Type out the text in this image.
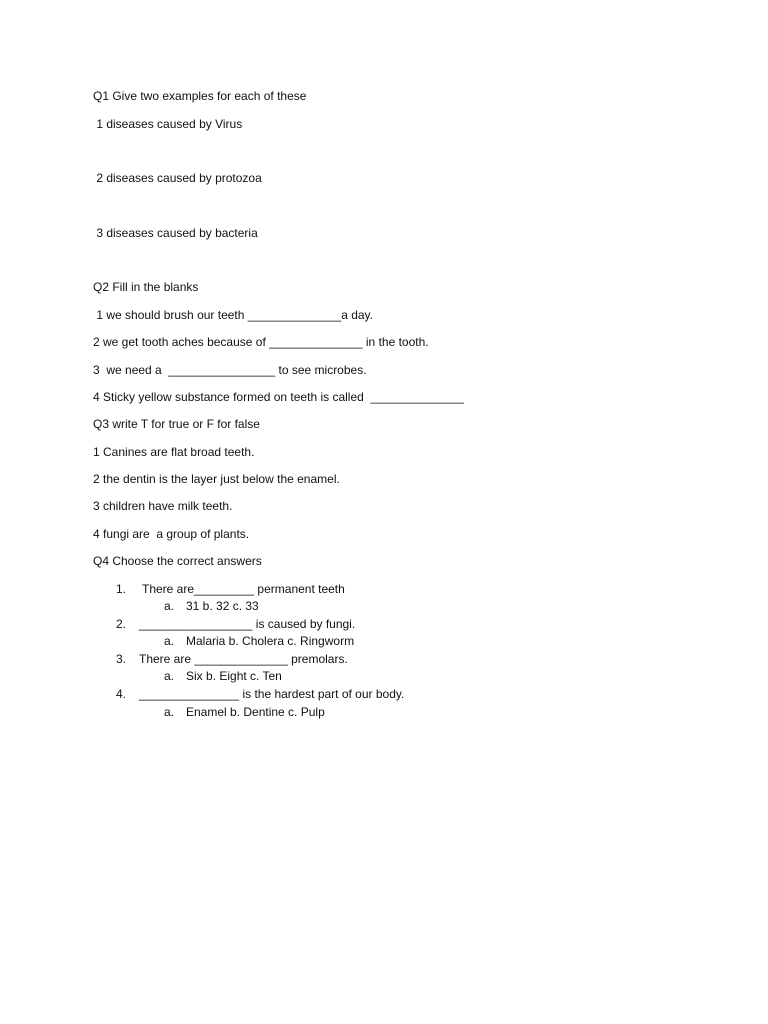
Q1 Give two examples for each of these
1 diseases caused by Virus
2 diseases caused by protozoa
3 diseases caused by bacteria
Q2 Fill in the blanks
1 we should brush our teeth ______________a day.
2 we get tooth aches because of ______________ in the tooth.
3  we need a  ________________ to see microbes.
4 Sticky yellow substance formed on teeth is called  ______________
Q3 write T for true or F for false
1 Canines are flat broad teeth.
2 the dentin is the layer just below the enamel.
3 children have milk teeth.
4 fungi are  a group of plants.
Q4 Choose the correct answers
1. There are_________ permanent teeth
a. 31 b. 32 c. 33
2. _________________ is caused by fungi.
a. Malaria b. Cholera c. Ringworm
3. There are ______________ premolars.
a. Six b. Eight c. Ten
4. _______________ is the hardest part of our body.
a. Enamel b. Dentine c. Pulp
